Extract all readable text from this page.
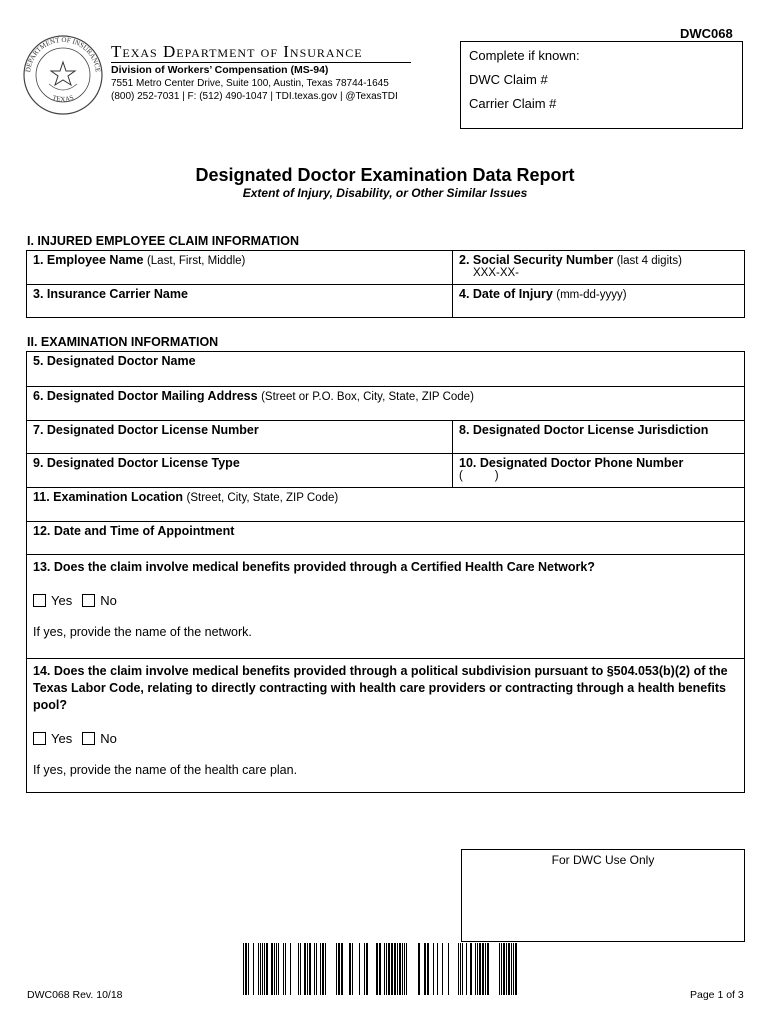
DWC068
DEPARTMENT OF INSURANCE
TEXAS
Texas Department of Insurance
Division of Workers’ Compensation (MS-94)
7551 Metro Center Drive, Suite 100, Austin, Texas 78744-1645
(800) 252-7031 | F: (512) 490-1047 | TDI.texas.gov | @TexasTDI
Complete if known:
DWC Claim #
Carrier Claim #
Designated Doctor Examination Data Report
Extent of Injury, Disability, or Other Similar Issues
I. INJURED EMPLOYEE CLAIM INFORMATION
1. Employee Name (Last, First, Middle)	2. Social Security Number (last 4 digits)
XXX-XX-
3. Insurance Carrier Name	4. Date of Injury (mm-dd-yyyy)
II. EXAMINATION INFORMATION
5. Designated Doctor Name
6. Designated Doctor Mailing Address (Street or P.O. Box, City, State, ZIP Code)
7. Designated Doctor License Number	8. Designated Doctor License Jurisdiction
9. Designated Doctor License Type	10. Designated Doctor Phone Number
(          )
11. Examination Location (Street, City, State, ZIP Code)
12. Date and Time of Appointment
13. Does the claim involve medical benefits provided through a Certified Health Care Network?
Yes No
If yes, provide the name of the network.
14. Does the claim involve medical benefits provided through a political subdivision pursuant to §504.053(b)(2) of the Texas Labor Code, relating to directly contracting with health care providers or contracting through a health benefits pool?
Yes No
If yes, provide the name of the health care plan.
For DWC Use Only
DWC068 Rev. 10/18	Page 1 of 3
